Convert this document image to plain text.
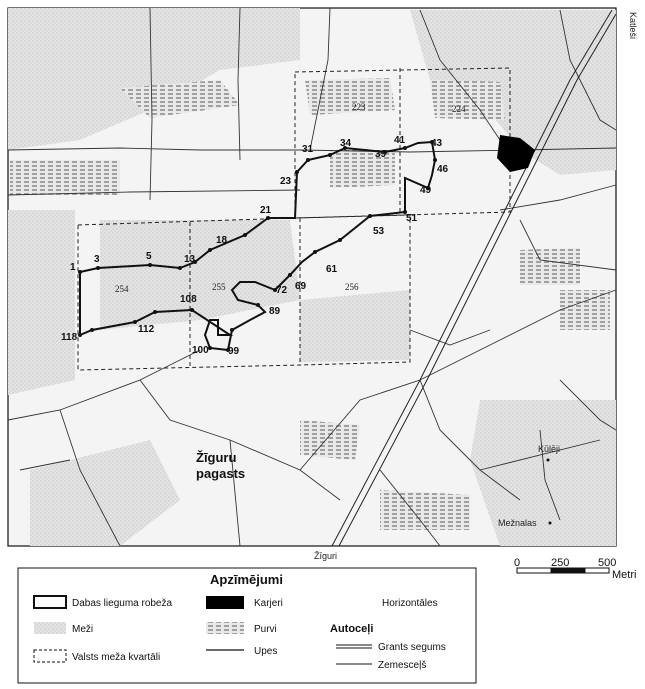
223	224
254	255	256
1
3	5	13
18
21
23
31
34
39
41	43
46
49
51
53
61
69
72
89
99
100
108
112
118
Katleši
Žīguru
pagasts
Žīguri
Kūlēji
Mežnalas
0	250	500
Metri
Apzīmējumi
Dabas lieguma robeža	Karjeri	Horizontāles
Meži	Purvi	Autoceļi
Valsts meža kvartāli
Upes	Grants segums
Zemesceļš
